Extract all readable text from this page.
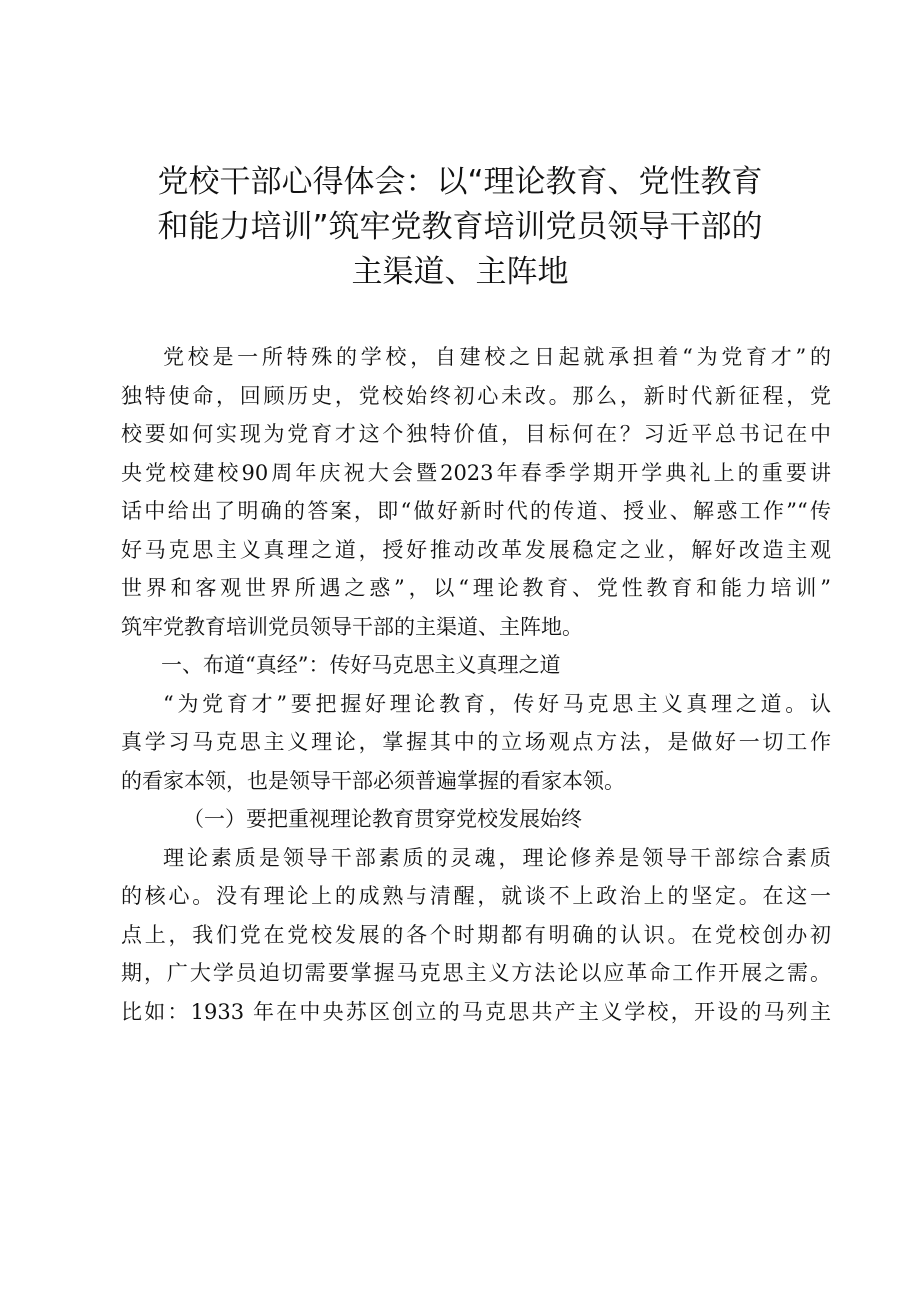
党校干部心得体会：以“理论教育、党性教育
和能力培训”筑牢党教育培训党员领导干部的
主渠道、主阵地
党校是一所特殊的学校，自建校之日起就承担着“为党育才”的
独特使命，回顾历史，党校始终初心未改。那么，新时代新征程，党
校要如何实现为党育才这个独特价值，目标何在？习近平总书记在中
央党校建校90周年庆祝大会暨2023年春季学期开学典礼上的重要讲
话中给出了明确的答案，即“做好新时代的传道、授业、解惑工作”“传
好马克思主义真理之道，授好推动改革发展稳定之业，解好改造主观
世界和客观世界所遇之惑”，以“理论教育、党性教育和能力培训”
筑牢党教育培训党员领导干部的主渠道、主阵地。
一、布道“真经”：传好马克思主义真理之道
“为党育才”要把握好理论教育，传好马克思主义真理之道。认
真学习马克思主义理论，掌握其中的立场观点方法，是做好一切工作
的看家本领，也是领导干部必须普遍掌握的看家本领。
（一）要把重视理论教育贯穿党校发展始终
理论素质是领导干部素质的灵魂，理论修养是领导干部综合素质
的核心。没有理论上的成熟与清醒，就谈不上政治上的坚定。在这一
点上，我们党在党校发展的各个时期都有明确的认识。在党校创办初
期，广大学员迫切需要掌握马克思主义方法论以应革命工作开展之需。
比如：1933 年在中央苏区创立的马克思共产主义学校，开设的马列主
